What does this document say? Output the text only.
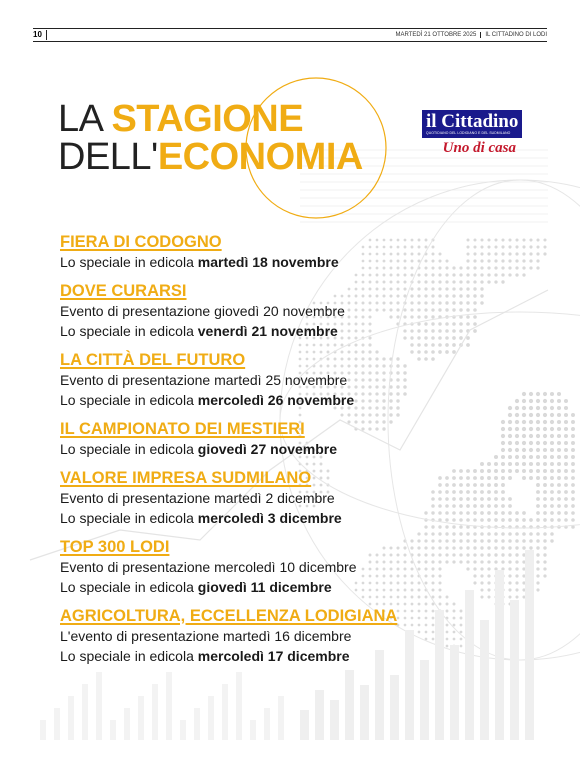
10	MARTEDÌ 21 OTTOBRE 2025 IL CITTADINO DI LODI
LA STAGIONE
DELL'ECONOMIA
il Cittadino
QUOTIDIANO DEL LODIGIANO E DEL SUDMILANO
Uno di casa
FIERA DI CODOGNO
Lo speciale in edicola martedì 18 novembre
DOVE CURARSI
Evento di presentazione giovedì 20 novembre
Lo speciale in edicola venerdì 21 novembre
LA CITTÀ DEL FUTURO
Evento di presentazione martedì 25 novembre
Lo speciale in edicola mercoledì 26 novembre
IL CAMPIONATO DEI MESTIERI
Lo speciale in edicola giovedì 27 novembre
VALORE IMPRESA SUDMILANO
Evento di presentazione martedì 2 dicembre
Lo speciale in edicola mercoledì 3 dicembre
TOP 300 LODI
Evento di presentazione mercoledì 10 dicembre
Lo speciale in edicola giovedì 11 dicembre
AGRICOLTURA, ECCELLENZA LODIGIANA
L'evento di presentazione martedì 16 dicembre
Lo speciale in edicola mercoledì 17 dicembre
